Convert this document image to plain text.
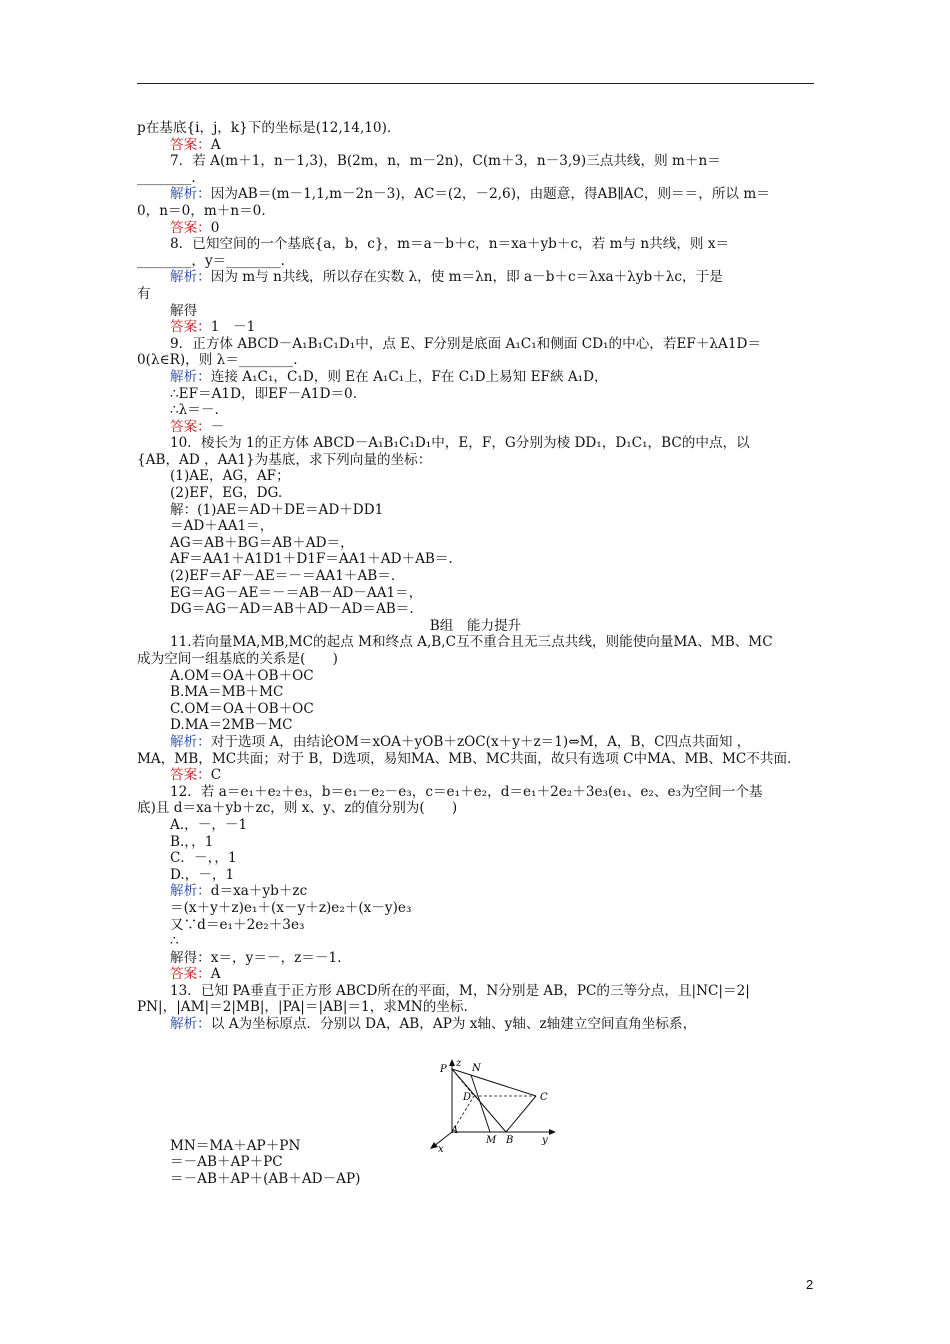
p在基底{i，j，k}下的坐标是(12,14,10).
答案：A
7．若 A(m＋1，n－1,3)，B(2m，n，m－2n)，C(m＋3，n－3,9)三点共线，则 m＋n＝
________.
解析：因为AB＝(m－1,1,m－2n－3)，AC＝(2，－2,6)，由题意，得AB∥AC，则＝＝，所以 m＝
0，n＝0，m＋n＝0.
答案：0
8．已知空间的一个基底{a，b，c}，m＝a－b＋c，n＝xa＋yb＋c，若 m与 n共线，则 x＝
________，y＝________.
解析：因为 m与 n共线，所以存在实数 λ，使 m＝λn，即 a－b＋c＝λxa＋λyb＋λc，于是
有
解得
答案：1　－1
9．正方体 ABCD－A₁B₁C₁D₁中，点 E、F分别是底面 A₁C₁和侧面 CD₁的中心，若EF＋λA1D＝
0(λ∈R)，则 λ＝________.
解析：连接 A₁C₁，C₁D，则 E在 A₁C₁上，F在 C₁D上易知 EF綊 A₁D，
∴EF＝A1D，即EF－A1D＝0.
∴λ＝－.
答案：－
10．棱长为 1的正方体 ABCD－A₁B₁C₁D₁中，E，F，G分别为棱 DD₁，D₁C₁，BC的中点，以
{AB，AD ，AA1}为基底，求下列向量的坐标：
(1)AE，AG，AF；
(2)EF，EG，DG.
解：(1)AE＝AD＋DE＝AD＋DD1
＝AD＋AA1＝，
AG＝AB＋BG＝AB＋AD＝，
AF＝AA1＋A1D1＋D1F＝AA1＋AD＋AB＝.
(2)EF＝AF－AE＝－＝AA1＋AB＝.
EG＝AG－AE＝－＝AB－AD－AA1＝，
DG＝AG－AD＝AB＋AD－AD＝AB＝.
B组　能力提升
11.若向量MA,MB,MC的起点 M和终点 A,B,C互不重合且无三点共线，则能使向量MA、MB、MC
成为空间一组基底的关系是(　　)
A.OM＝OA＋OB＋OC
B.MA＝MB＋MC
C.OM＝OA＋OB＋OC
D.MA＝2MB－MC
解析：对于选项 A，由结论OM＝xOA＋yOB＋zOC(x＋y＋z＝1)⇔M，A，B，C四点共面知 ，
MA，MB，MC共面；对于 B，D选项，易知MA、MB、MC共面，故只有选项 C中MA、MB、MC不共面.
答案：C
12．若 a＝e₁＋e₂＋e₃，b＝e₁－e₂－e₃，c＝e₁＋e₂，d＝e₁＋2e₂＋3e₃(e₁、e₂、e₃为空间一个基
底)且 d＝xa＋yb＋zc，则 x、y、z的值分别为(　　)
A.，－，－1
B.，，1
C．－，，1
D.，－，1
解析：d＝xa＋yb＋zc
＝(x＋y＋z)e₁＋(x－y＋z)e₂＋(x－y)e₃
又∵d＝e₁＋2e₂＋3e₃
∴
解得：x＝，y＝－，z＝－1.
答案：A
13．已知 PA垂直于正方形 ABCD所在的平面，M，N分别是 AB，PC的三等分点，且|NC|＝2|
PN|，|AM|＝2|MB|，|PA|＝|AB|＝1，求MN的坐标.
解析：以 A为坐标原点．分别以 DA，AB，AP为 x轴、y轴、z轴建立空间直角坐标系，
MN＝MA＋AP＋PN
＝－AB＋AP＋PC
＝－AB＋AP＋(AB＋AD－AP)
z
P	N
D	C
A
M B	y
x
2
